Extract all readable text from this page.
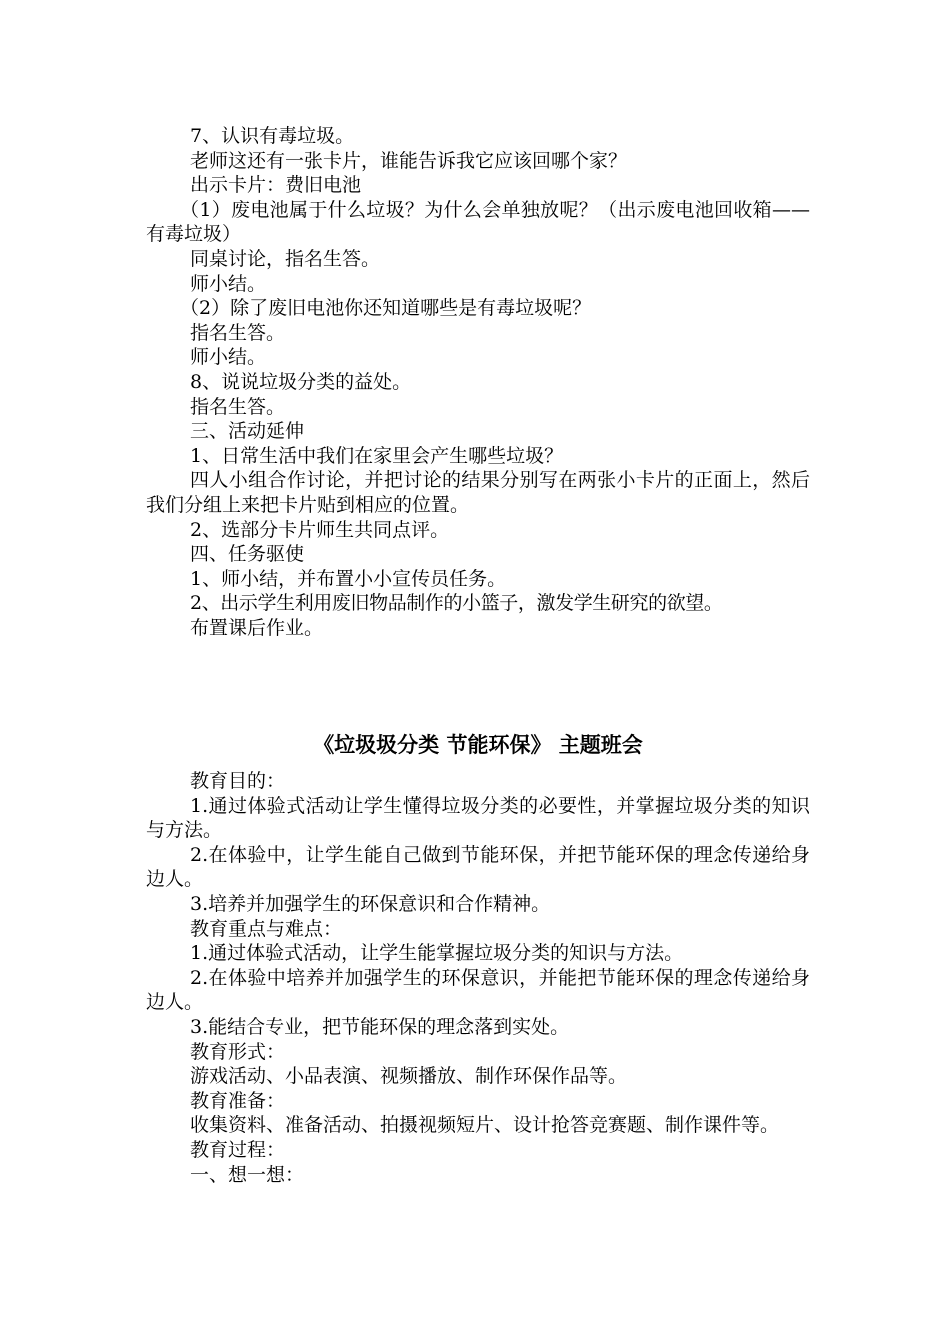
7、认识有毒垃圾。

老师这还有一张卡片，谁能告诉我它应该回哪个家？

出示卡片：费旧电池

（1）废电池属于什么垃圾？为什么会单独放呢？（出示废电池回收箱——有毒垃圾）

同桌讨论，指名生答。

师小结。

（2）除了废旧电池你还知道哪些是有毒垃圾呢？

指名生答。

师小结。

8、说说垃圾分类的益处。

指名生答。

三、活动延伸

1、日常生活中我们在家里会产生哪些垃圾？

四人小组合作讨论，并把讨论的结果分别写在两张小卡片的正面上，然后我们分组上来把卡片贴到相应的位置。

2、选部分卡片师生共同点评。

四、任务驱使

1、师小结，并布置小小宣传员任务。

2、出示学生利用废旧物品制作的小篮子，激发学生研究的欲望。

布置课后作业。

《垃圾圾分类 节能环保》 主题班会

教育目的：

1.通过体验式活动让学生懂得垃圾分类的必要性，并掌握垃圾分类的知识与方法。

2.在体验中，让学生能自己做到节能环保，并把节能环保的理念传递给身边人。

3.培养并加强学生的环保意识和合作精神。

教育重点与难点：

1.通过体验式活动，让学生能掌握垃圾分类的知识与方法。

2.在体验中培养并加强学生的环保意识，并能把节能环保的理念传递给身边人。

3.能结合专业，把节能环保的理念落到实处。

教育形式：

游戏活动、小品表演、视频播放、制作环保作品等。

教育准备：

收集资料、准备活动、拍摄视频短片、设计抢答竞赛题、制作课件等。

教育过程：

一、想一想：
